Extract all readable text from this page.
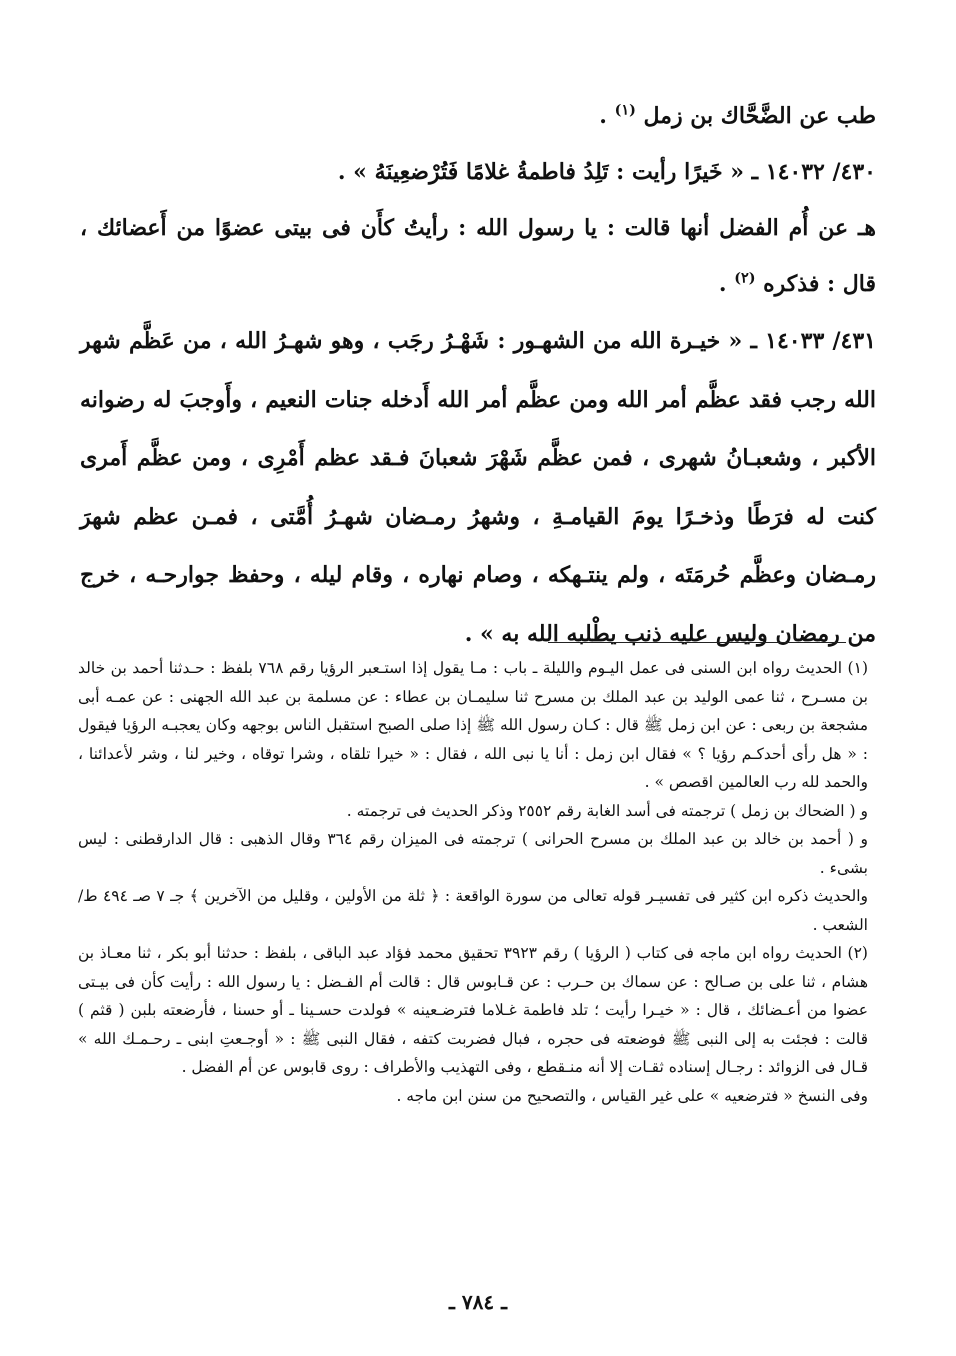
طب عن الضَّحَّاك بن زمل $^{(١)}$ .

٤٣٠/ ١٤٠٣٢ ـ « خَيرًا رأيت : تَلِدُ فاطمةُ غلامًا فَتُرْضعِينَهُ » .

هـ عن أُم الفضل أنها قالت : يا رسول الله : رأيتُ كأَن فى بيتى عضوًا من أَعضائك ، قال : فذكره $^{(٢)}$ .

٤٣١/ ١٤٠٣٣ ـ « خيـرة الله من الشهـور : شَهْـرُ رجَب ، وهو شهـرُ الله ، من عَظَّم شهر الله رجب فقد عظَّم أمر الله ومن عظَّم أمر الله أَدخله جنات النعيم ، وأَوجبَ له رضوانه الأكبر ، وشعبـانُ شهرى ، فمن عظَّم شَهْرَ شعبانَ فـقد عظم أَمْرِى ، ومن عظَّم أَمرى كنت له فرَطًا وذخـرًا يومَ القيامـةِ ، وشهرُ رمـضان شهـرُ أُمَّتى ، فمـن عظم شهرَ رمـضان وعظَّم حُرمَتَه ، ولم ينتـهكه ، وصام نهاره ، وقام ليله ، وحفظ جوارحـه ، خرج من رمضان وليس عليه ذنب يطْلبه الله به » .

(١) الحديث رواه ابن السنى فى عمل اليـوم والليلة ـ باب : مـا يقول إذا استـعبر الرؤيا رقم ٧٦٨ بلفظ : حـدثنا أحمد بن خالد بن مسـرح ، ثنا عمى الوليد بن عبد الملك بن مسرح ثنا سليمـان بن عطاء : عن مسلمة بن عبد الله الجهنى : عن عمـه أبى مشجعة بن ربعى : عن ابن زمل ﷺ قال : كـان رسول الله ﷺ إذا صلى الصبح استقبل الناس بوجهه وكان يعجبـه الرؤيا فيقول : « هل رأى أحدكـم رؤيا ؟ » فقال ابن زمل : أنا يا نبى الله ، فقال : « خيرا تلقاه ، وشرا توقاه ، وخير لنا ، وشر لأعدائنا ، والحمد لله رب العالمين اقصص » .

و ( الضحاك بن زمل ) ترجمته فى أسد الغابة رقم ٢٥٥٢ وذكر الحديث فى ترجمته .

و ( أحمد بن خالد بن عبد الملك بن مسرح الحرانى ) ترجمته فى الميزان رقم ٣٦٤ وقال الذهبى : قال الدارقطنى : ليس بشىء .

والحديث ذكره ابن كثير فى تفسيـر قوله تعالى من سورة الواقعة : ﴿ ثلة من الأولين ، وقليل من الآخرين ﴾ جـ ٧ صـ ٤٩٤ ط/ الشعب .

(٢) الحديث رواه ابن ماجه فى كتاب ( الرؤيا ) رقم ٣٩٢٣ تحقيق محمد فؤاد عبد الباقى ، بلفظ : حدثنا أبو بكر ، ثنا معـاذ بن هشام ، ثنا على بن صـالح : عن سماك بن حـرب : عن قـابوس قال : قالت أم الفـضل : يا رسول الله : رأيت كأن فى بيـتى عضوا من أعـضائك ، قال : « خيـرا رأيت ؛ تلد فاطمة غـلاما فترضـعينه » فولدت حسـينا ـ أو حسنا ، فأرضعته بلبن ( قثم ) قالت : فجئت به إلى النبى ﷺ فوضعته فى حجره ، فبال فضربت كتفه ، فقال النبى ﷺ : « أوجـعتِ ابنى ـ رحـمـك الله » قـال فى الزوائد : رجـال إسناده ثقـات إلا أنه منـقطع ، وفى التهذيب والأطراف : روى قابوس عن أم الفضل .

وفى النسخ « فترضعيه » على غير القياس ، والتصحيح من سنن ابن ماجه .

ـ ٧٨٤ ـ
